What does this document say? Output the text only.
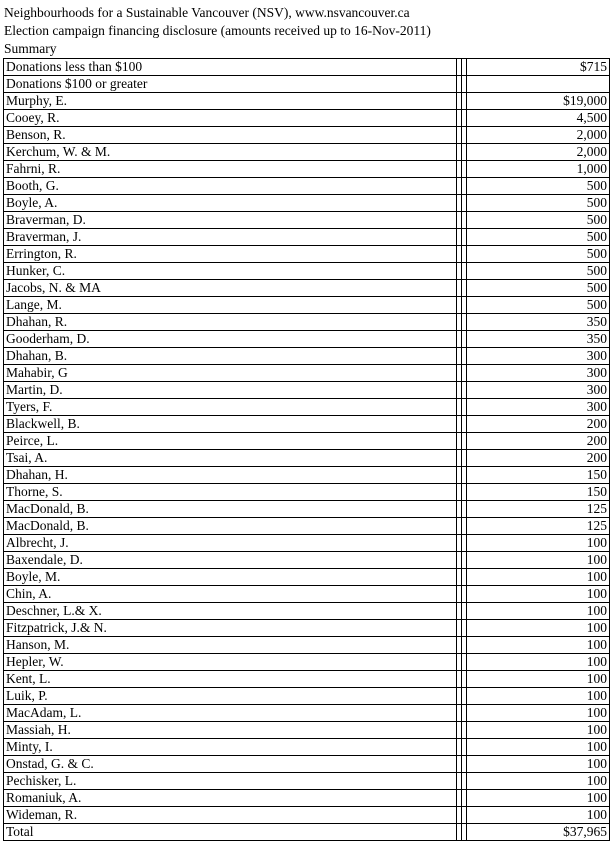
Neighbourhoods for a Sustainable Vancouver (NSV), www.nsvancouver.ca
Election campaign financing disclosure (amounts received up to 16-Nov-2011)
Summary
Donations less than $100			$715
Donations $100 or greater			
Murphy, E.			$19,000
Cooey, R.			4,500
Benson, R.			2,000
Kerchum, W. & M.			2,000
Fahrni, R.			1,000
Booth, G.			500
Boyle, A.			500
Braverman, D.			500
Braverman, J.			500
Errington, R.			500
Hunker, C.			500
Jacobs, N. & MA			500
Lange, M.			500
Dhahan, R.			350
Gooderham, D.			350
Dhahan, B.			300
Mahabir, G			300
Martin, D.			300
Tyers, F.			300
Blackwell, B.			200
Peirce, L.			200
Tsai, A.			200
Dhahan, H.			150
Thorne, S.			150
MacDonald, B.			125
MacDonald, B.			125
Albrecht, J.			100
Baxendale, D.			100
Boyle, M.			100
Chin, A.			100
Deschner, L.& X.			100
Fitzpatrick, J.& N.			100
Hanson, M.			100
Hepler, W.			100
Kent, L.			100
Luik, P.			100
MacAdam, L.			100
Massiah, H.			100
Minty, I.			100
Onstad, G. & C.			100
Pechisker, L.			100
Romaniuk, A.			100
Wideman, R.			100
Total			$37,965
